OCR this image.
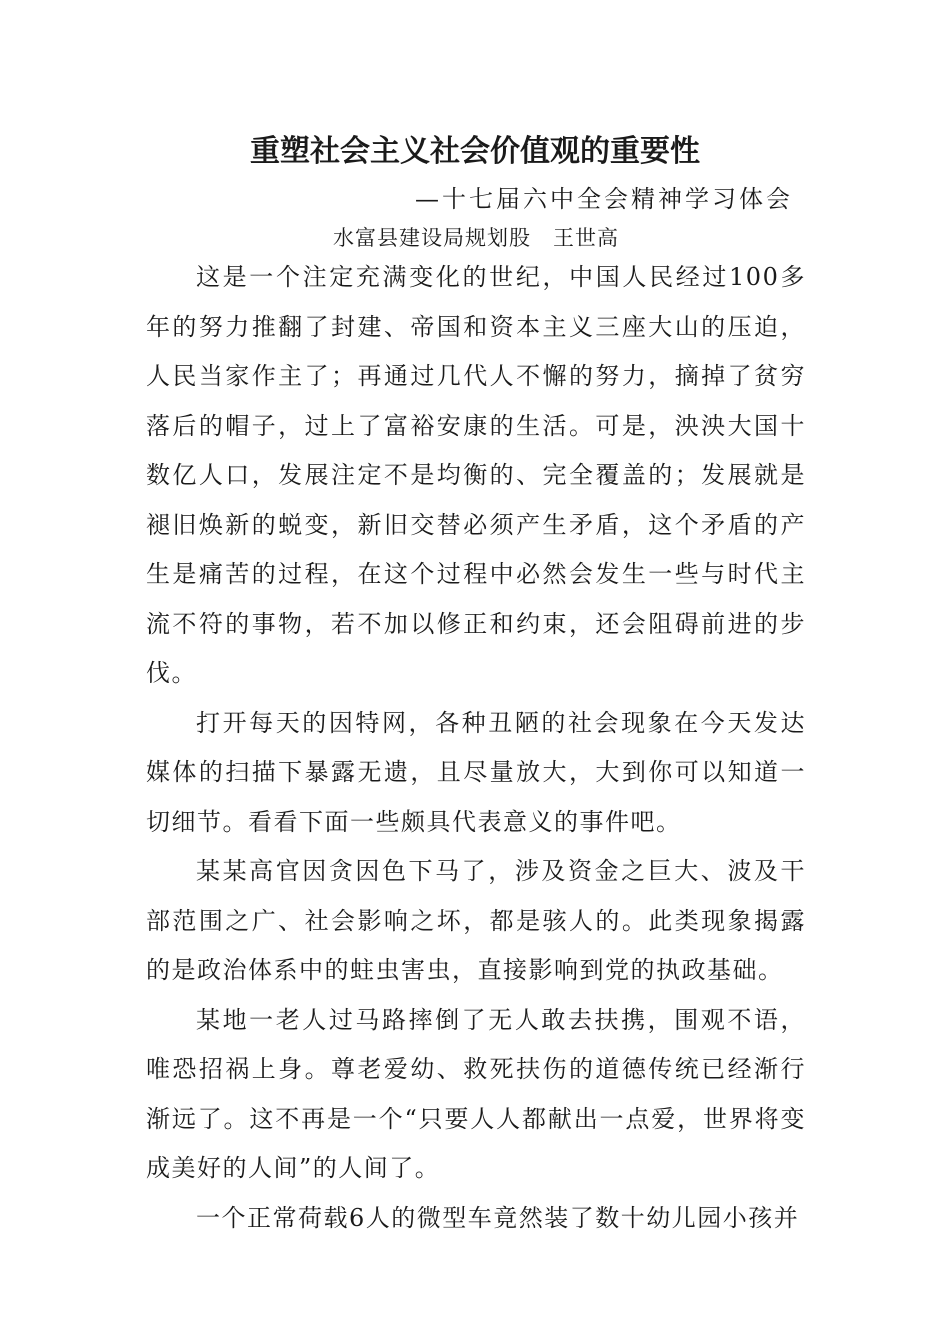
重塑社会主义社会价值观的重要性
—十七届六中全会精神学习体会
水富县建设局规划股　王世高

这是一个注定充满变化的世纪，中国人民经过100多年的努力推翻了封建、帝国和资本主义三座大山的压迫，人民当家作主了；再通过几代人不懈的努力，摘掉了贫穷落后的帽子，过上了富裕安康的生活。可是，泱泱大国十数亿人口，发展注定不是均衡的、完全覆盖的；发展就是褪旧焕新的蜕变，新旧交替必须产生矛盾，这个矛盾的产生是痛苦的过程，在这个过程中必然会发生一些与时代主流不符的事物，若不加以修正和约束，还会阻碍前进的步伐。

打开每天的因特网，各种丑陋的社会现象在今天发达媒体的扫描下暴露无遗，且尽量放大，大到你可以知道一切细节。看看下面一些颇具代表意义的事件吧。

某某高官因贪因色下马了，涉及资金之巨大、波及干部范围之广、社会影响之坏，都是骇人的。此类现象揭露的是政治体系中的蛀虫害虫，直接影响到党的执政基础。

某地一老人过马路摔倒了无人敢去扶携，围观不语，唯恐招祸上身。尊老爱幼、救死扶伤的道德传统已经渐行渐远了。这不再是一个“只要人人都献出一点爱，世界将变成美好的人间”的人间了。

一个正常荷载6人的微型车竟然装了数十幼儿园小孩并
